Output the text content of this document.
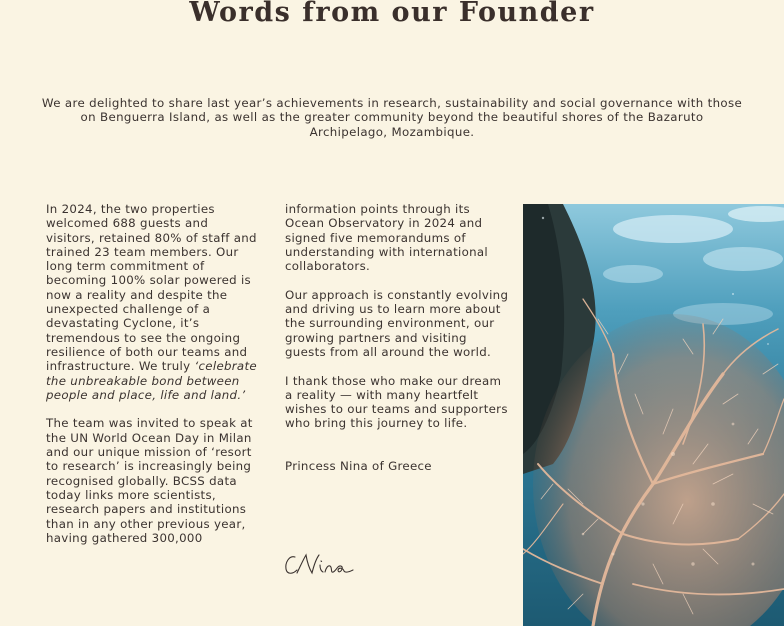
Words from our Founder

We are delighted to share last year’s achievements in research, sustainability and social governance with those on Benguerra Island, as well as the greater community beyond the beautiful shores of the Bazaruto Archipelago, Mozambique.

In 2024, the two properties welcomed 688 guests and visitors, retained 80% of staff and trained 23 team members. Our long term commitment of becoming 100% solar powered is now a reality and despite the unexpected challenge of a devastating Cyclone, it’s tremendous to see the ongoing resilience of both our teams and infrastructure. We truly ‘celebrate the unbreakable bond between people and place, life and land.’

The team was invited to speak at the UN World Ocean Day in Milan and our unique mission of ‘resort to research’ is increasingly being recognised globally. BCSS data today links more scientists, research papers and institutions than in any other previous year, having gathered 300,000

information points through its Ocean Observatory in 2024 and signed five memorandums of understanding with international collaborators.

Our approach is constantly evolving and driving us to learn more about the surrounding environment, our growing partners and visiting guests from all around the world.

I thank those who make our dream a reality — with many heartfelt wishes to our teams and supporters who bring this journey to life.

Princess Nina of Greece
